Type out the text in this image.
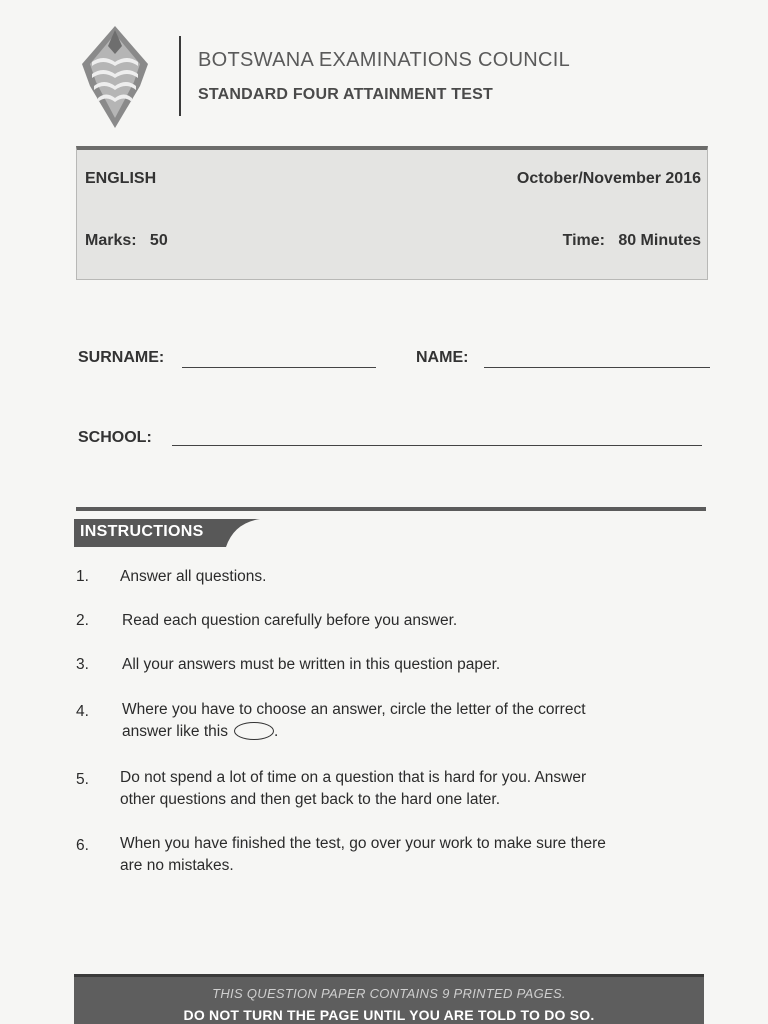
BOTSWANA EXAMINATIONS COUNCIL
STANDARD FOUR ATTAINMENT TEST
ENGLISH	October/November 2016
Marks: 50	Time: 80 Minutes
SURNAME:	NAME:
SCHOOL:
INSTRUCTIONS
1. Answer all questions.
2. Read each question carefully before you answer.
3. All your answers must be written in this question paper.
4. Where you have to choose an answer, circle the letter of the correct
answer like this	.
5. Do not spend a lot of time on a question that is hard for you. Answer
other questions and then get back to the hard one later.
6. When you have finished the test, go over your work to make sure there
are no mistakes.
THIS QUESTION PAPER CONTAINS 9 PRINTED PAGES.
DO NOT TURN THE PAGE UNTIL YOU ARE TOLD TO DO SO.
